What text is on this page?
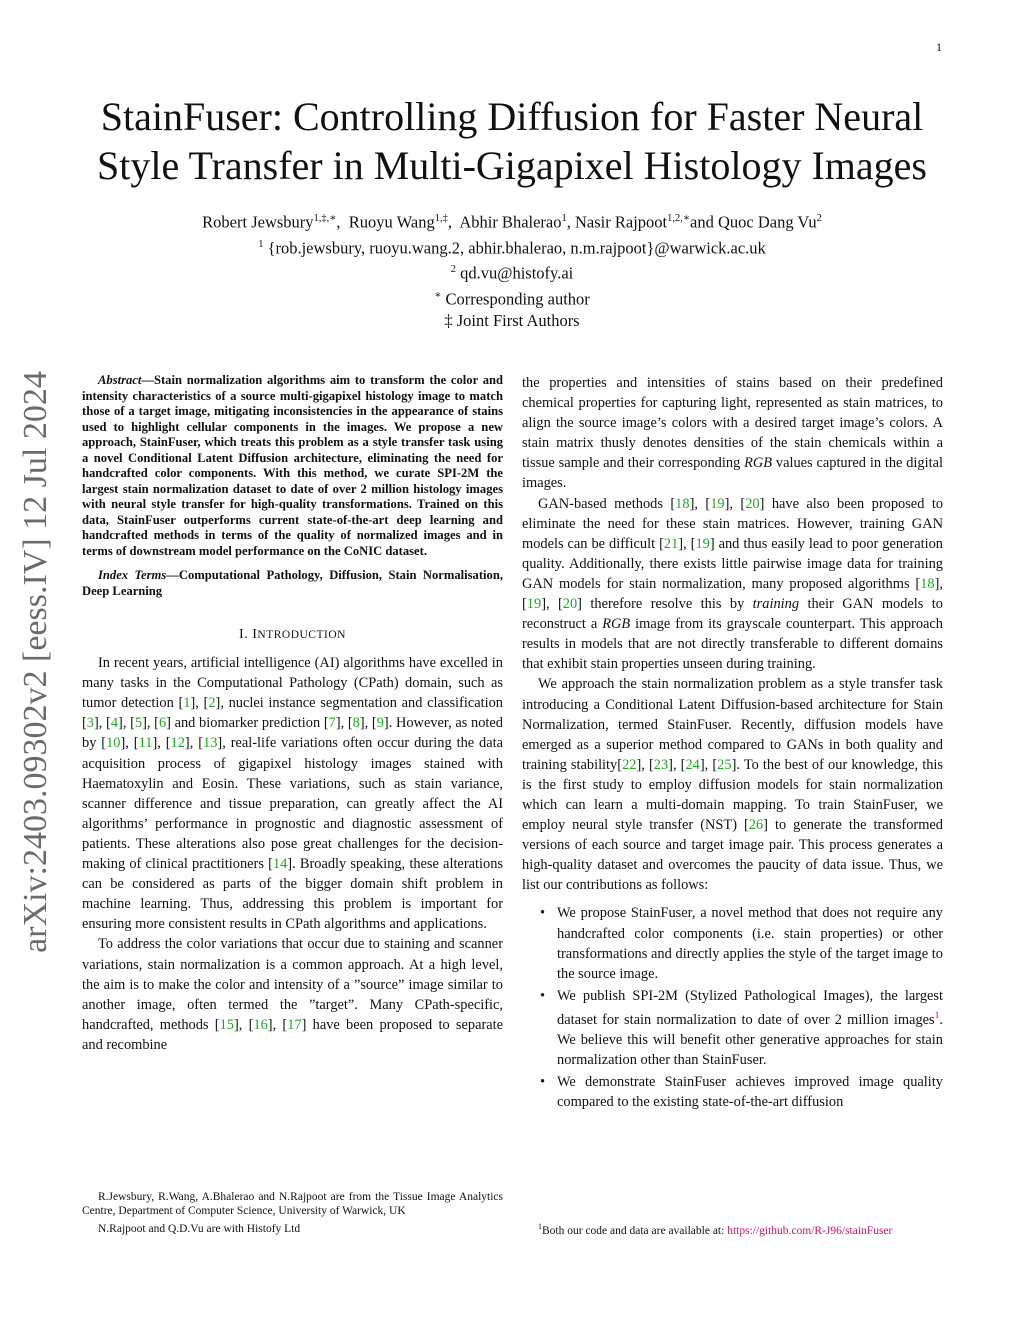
1
StainFuser: Controlling Diffusion for Faster Neural
Style Transfer in Multi-Gigapixel Histology Images
Robert Jewsbury$^{1,\ddagger,∗}$,  Ruoyu Wang$^{1,\ddagger}$,  Abhir Bhalerao$^1$, Nasir Rajpoot$^{1,2,∗}$and Quoc Dang Vu$^2$
$^1$ {rob.jewsbury, ruoyu.wang.2, abhir.bhalerao, n.m.rajpoot}@warwick.ac.uk
$^2$ qd.vu@histofy.ai
∗ Corresponding author
‡ Joint First Authors
arXiv:2403.09302v2 [eess.IV] 12 Jul 2024	Abstract—Stain normalization algorithms aim to transform the color and intensity characteristics of a source multi-gigapixel histology image to match those of a target image, mitigating inconsistencies in the appearance of stains used to highlight cellular components in the images. We propose a new approach, StainFuser, which treats this problem as a style transfer task using a novel Conditional Latent Diffusion architecture, eliminating the need for handcrafted color components. With this method, we curate SPI-2M the largest stain normalization dataset to date of over 2 million histology images with neural style transfer for high-quality transformations. Trained on this data, StainFuser outperforms current state-of-the-art deep learning and handcrafted methods in terms of the quality of normalized images and in terms of downstream model performance on the CoNIC dataset.

Index Terms—Computational Pathology, Diffusion, Stain Normalisation, Deep Learning

I. INTRODUCTION

In recent years, artificial intelligence (AI) algorithms have excelled in many tasks in the Computational Pathology (CPath) domain, such as tumor detection [1], [2], nuclei instance segmentation and classification [3], [4], [5], [6] and biomarker prediction [7], [8], [9]. However, as noted by [10], [11], [12], [13], real-life variations often occur during the data acquisition process of gigapixel histology images stained with Haematoxylin and Eosin. These variations, such as stain variance, scanner difference and tissue preparation, can greatly affect the AI algorithms’ performance in prognostic and diagnostic assessment of patients. These alterations also pose great challenges for the decision-making of clinical practitioners [14]. Broadly speaking, these alterations can be considered as parts of the bigger domain shift problem in machine learning. Thus, addressing this problem is important for ensuring more consistent results in CPath algorithms and applications.

To address the color variations that occur due to staining and scanner variations, stain normalization is a common approach. At a high level, the aim is to make the color and intensity of a ”source” image similar to another image, often termed the ”target”. Many CPath-specific, handcrafted, methods [15], [16], [17] have been proposed to separate and recombine

the properties and intensities of stains based on their predefined chemical properties for capturing light, represented as stain matrices, to align the source image’s colors with a desired target image’s colors. A stain matrix thusly denotes densities of the stain chemicals within a tissue sample and their corresponding RGB values captured in the digital images.

GAN-based methods [18], [19], [20] have also been proposed to eliminate the need for these stain matrices. However, training GAN models can be difficult [21], [19] and thus easily lead to poor generation quality. Additionally, there exists little pairwise image data for training GAN models for stain normalization, many proposed algorithms [18], [19], [20] therefore resolve this by training their GAN models to reconstruct a RGB image from its grayscale counterpart. This approach results in models that are not directly transferable to different domains that exhibit stain properties unseen during training.

We approach the stain normalization problem as a style transfer task introducing a Conditional Latent Diffusion-based architecture for Stain Normalization, termed StainFuser. Recently, diffusion models have emerged as a superior method compared to GANs in both quality and training stability[22], [23], [24], [25]. To the best of our knowledge, this is the first study to employ diffusion models for stain normalization which can learn a multi-domain mapping. To train StainFuser, we employ neural style transfer (NST) [26] to generate the transformed versions of each source and target image pair. This process generates a high-quality dataset and overcomes the paucity of data issue. Thus, we list our contributions as follows:

• We propose StainFuser, a novel method that does not require any handcrafted color components (i.e. stain properties) or other transformations and directly applies the style of the target image to the source image.
• We publish SPI-2M (Stylized Pathological Images), the largest dataset for stain normalization to date of over 2 million images$^1$. We believe this will benefit other generative approaches for stain normalization other than StainFuser.
• We demonstrate StainFuser achieves improved image quality compared to the existing state-of-the-art diffusion

R.Jewsbury, R.Wang, A.Bhalerao and N.Rajpoot are from the Tissue Image Analytics Centre, Department of Computer Science, University of Warwick, UK

N.Rajpoot and Q.D.Vu are with Histofy Ltd	$^1$Both our code and data are available at: https://github.com/R-J96/stainFuser
